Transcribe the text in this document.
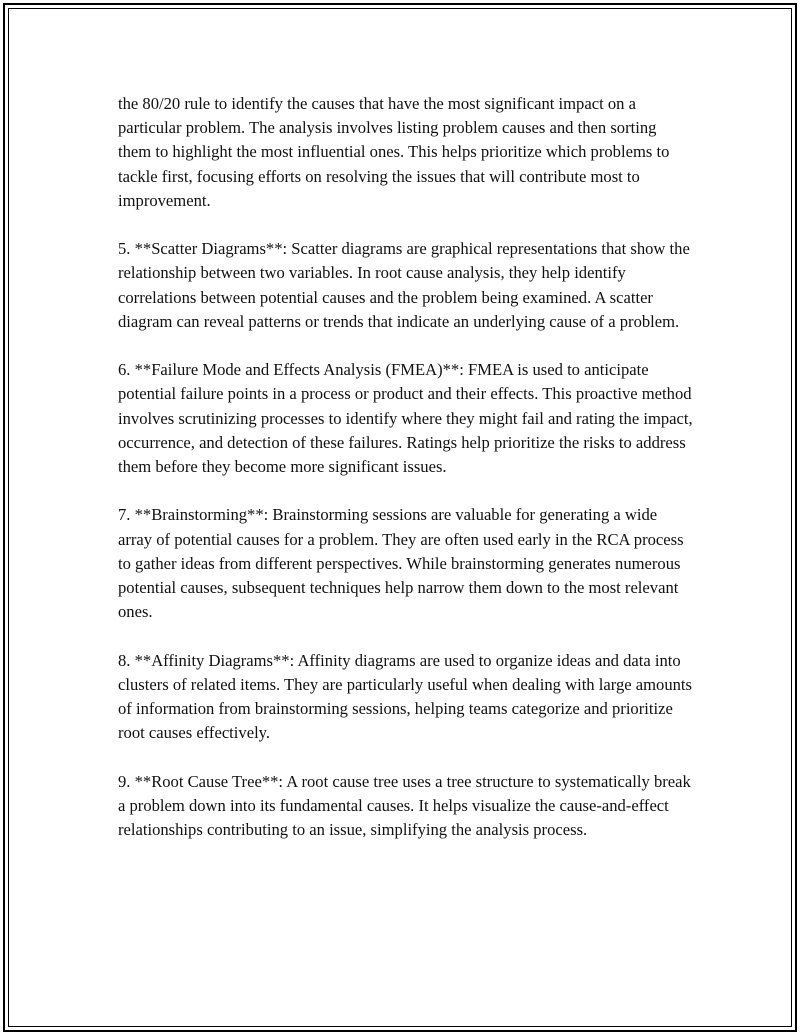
the 80/20 rule to identify the causes that have the most significant impact on a particular problem. The analysis involves listing problem causes and then sorting them to highlight the most influential ones. This helps prioritize which problems to tackle first, focusing efforts on resolving the issues that will contribute most to improvement.

5. **Scatter Diagrams**: Scatter diagrams are graphical representations that show the relationship between two variables. In root cause analysis, they help identify correlations between potential causes and the problem being examined. A scatter diagram can reveal patterns or trends that indicate an underlying cause of a problem.

6. **Failure Mode and Effects Analysis (FMEA)**: FMEA is used to anticipate potential failure points in a process or product and their effects. This proactive method involves scrutinizing processes to identify where they might fail and rating the impact, occurrence, and detection of these failures. Ratings help prioritize the risks to address them before they become more significant issues.

7. **Brainstorming**: Brainstorming sessions are valuable for generating a wide array of potential causes for a problem. They are often used early in the RCA process to gather ideas from different perspectives. While brainstorming generates numerous potential causes, subsequent techniques help narrow them down to the most relevant ones.

8. **Affinity Diagrams**: Affinity diagrams are used to organize ideas and data into clusters of related items. They are particularly useful when dealing with large amounts of information from brainstorming sessions, helping teams categorize and prioritize root causes effectively.

9. **Root Cause Tree**: A root cause tree uses a tree structure to systematically break a problem down into its fundamental causes. It helps visualize the cause-and-effect relationships contributing to an issue, simplifying the analysis process.
